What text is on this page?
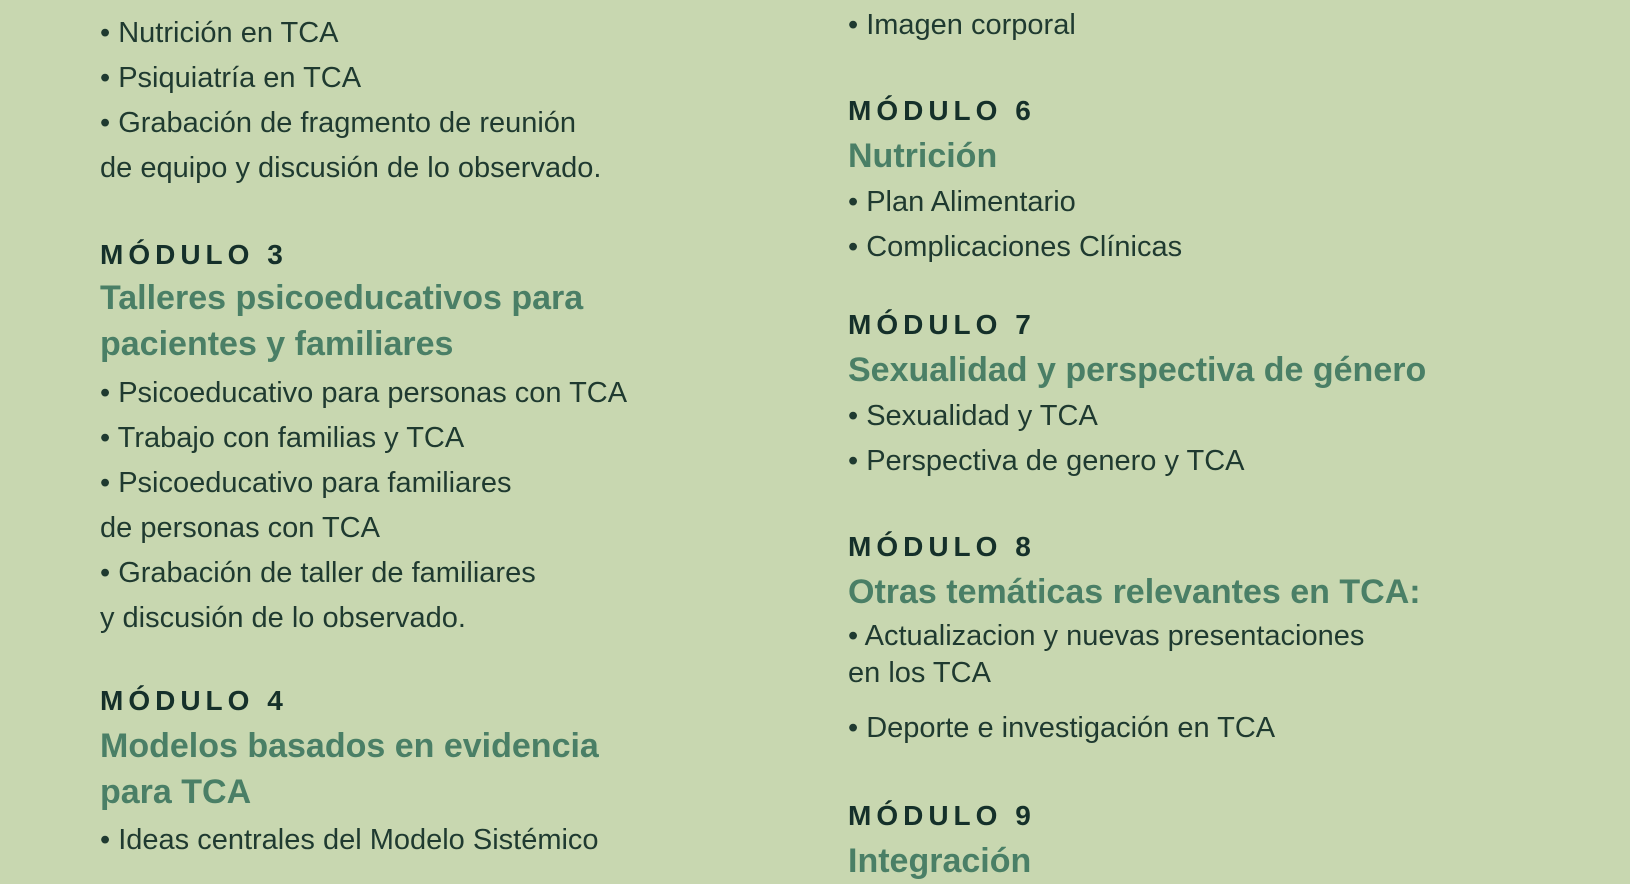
• Nutrición en TCA

• Psiquiatría en TCA

• Grabación de fragmento de reunión
de equipo y discusión de lo observado.

MÓDULO 3

Talleres psicoeducativos para
pacientes y familiares

• Psicoeducativo para personas con TCA

• Trabajo con familias y TCA

• Psicoeducativo para familiares
de personas con TCA

• Grabación de taller de familiares
y discusión de lo observado.

MÓDULO 4

Modelos basados en evidencia
para TCA

• Ideas centrales del Modelo Sistémico

• Imagen corporal

MÓDULO 6

Nutrición

• Plan Alimentario

• Complicaciones Clínicas

MÓDULO 7

Sexualidad y perspectiva de género

• Sexualidad y TCA

• Perspectiva de genero y TCA

MÓDULO 8

Otras temáticas relevantes en TCA:

• Actualizacion y nuevas presentaciones
en los TCA

• Deporte e investigación en TCA

MÓDULO 9

Integración
